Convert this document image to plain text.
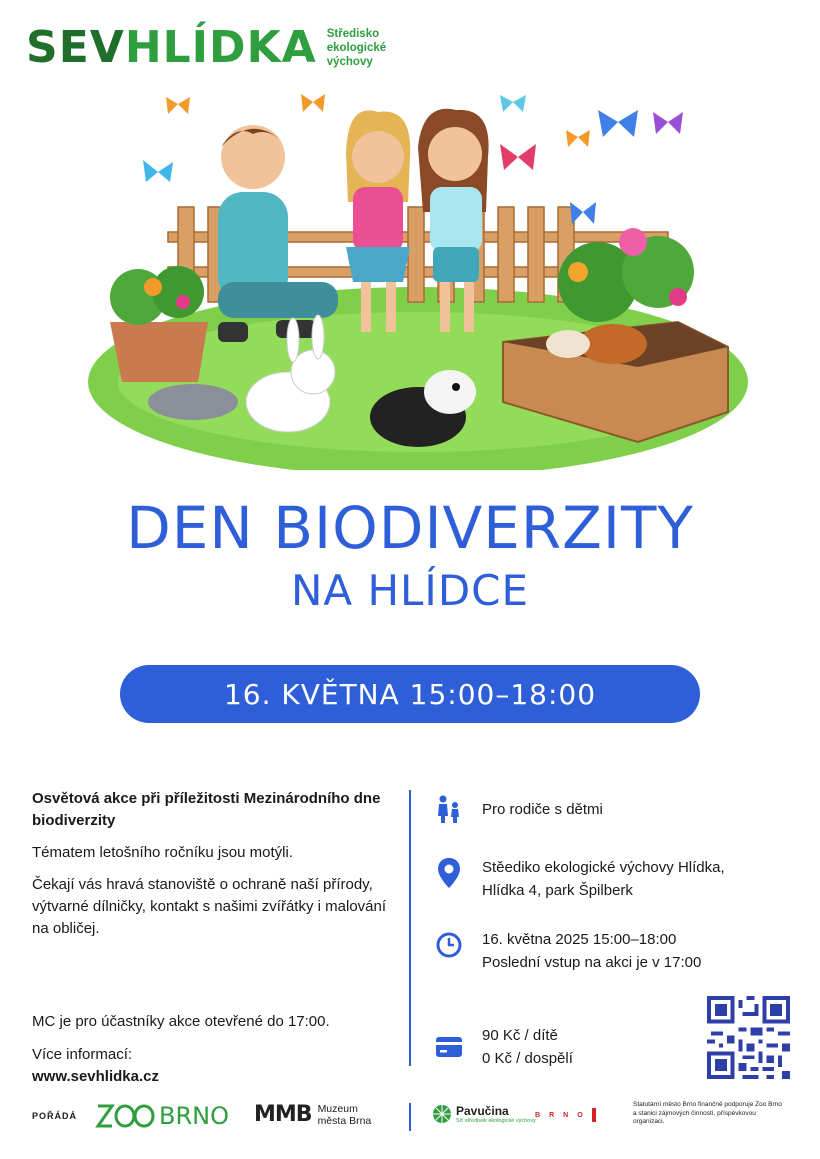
SEVHLÍDKA Středisko
ekologické
výchovy
DEN BIODIVERZITY
NA HLÍDCE
16. KVĚTNA 15:00–18:00

Osvětová akce při příležitosti Mezinárodního dne biodiverzity

Tématem letošního ročníku jsou motýli.

Čekají vás hravá stanoviště o ochraně naší přírody, výtvarné dílničky, kontakt s našimi zvířátky i malování na obličej.

MC je pro účastníky akce otevřené do 17:00.
Více informací:
www.sevhlidka.cz
Pro rodiče s dětmi
Stěediko ekologické výchovy Hlídka,
Hlídka 4, park Špilberk
16. května 2025 15:00–18:00
Poslední vstup na akci je v 17:00
90 Kč / dítě
0 Kč / dospělí
POŘÁDÁ	BRNO MMB Muzeum
města Brna
Pavučina
Síť středisek ekologické výchovy
B R N O
Statutární město Brno finančně podporuje Zoo Brno a stanici zájmových činností, příspěvkovou organizaci.
